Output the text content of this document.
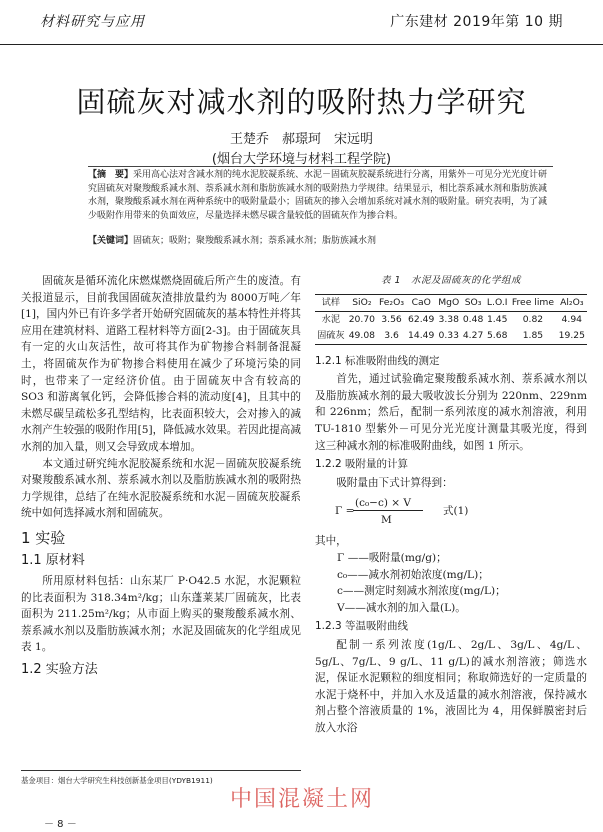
材料研究与应用	广东建材 2019年第 10 期
固硫灰对减水剂的吸附热力学研究
王楚乔　郝璟珂　宋远明
(烟台大学环境与材料工程学院)
【摘　要】采用高心法对含减水剂的纯水泥胶凝系统、水泥－固硫灰胶凝系统进行分离，用紫外－可见分光光度计研究固硫灰对聚羧酸系减水剂、萘系减水剂和脂肪族减水剂的吸附热力学规律。结果显示，相比萘系减水剂和脂肪族减水剂，聚羧酸系减水剂在两种系统中的吸附量最小；固硫灰的掺入会增加系统对减水剂的吸附量。研究表明，为了减少吸附作用带来的负面效应，尽量选择未燃尽碳含量较低的固硫灰作为掺合料。
【关键词】固硫灰；吸附；聚羧酸系减水剂；萘系减水剂；脂肪族减水剂

固硫灰是循环流化床燃煤燃烧固硫后所产生的废渣。有关报道显示，目前我国固硫灰渣排放量约为 8000万吨／年[1]，国内外已有许多学者开始研究固硫灰的基本特性并将其应用在建筑材料、道路工程材料等方面[2-3]。由于固硫灰具有一定的火山灰活性，故可将其作为矿物掺合料制备混凝土，将固硫灰作为矿物掺合料使用在减少了环境污染的同时，也带来了一定经济价值。由于固硫灰中含有较高的 SO3 和游离氧化钙，会降低掺合料的流动度[4]，且其中的未燃尽碳呈疏松多孔型结构，比表面积较大，会对掺入的减水剂产生较强的吸附作用[5]，降低减水效果。若因此提高减水剂的加入量，则又会导致成本增加。

本文通过研究纯水泥胶凝系统和水泥－固硫灰胶凝系统对聚羧酸系减水剂、萘系减水剂以及脂肪族减水剂的吸附热力学规律，总结了在纯水泥胶凝系统和水泥－固硫灰胶凝系统中如何选择减水剂和固硫灰。

1 实验
1.1 原材料

所用原材料包括：山东某厂 P·O42.5 水泥，水泥颗粒的比表面积为 318.34m²/kg；山东蓬莱某厂固硫灰，比表面积为 211.25m²/kg；从市面上购买的聚羧酸系减水剂、萘系减水剂以及脂肪族减水剂；水泥及固硫灰的化学组成见表 1。

1.2 实验方法
表 1　水泥及固硫灰的化学组成
试样	SiO₂	Fe₂O₃	CaO	MgO	SO₃	L.O.I	Free lime	Al₂O₃
水泥	20.70	3.56	62.49	3.38	0.48	1.45	0.82	4.94
固硫灰	49.08	3.6	14.49	0.33	4.27	5.68	1.85	19.25
1.2.1 标准吸附曲线的测定

首先，通过试验确定聚羧酸系减水剂、萘系减水剂以及脂肪族减水剂的最大吸收波长分别为 220nm、229nm 和 226nm；然后，配制一系列浓度的减水剂溶液，利用 TU-1810 型紫外－可见分光光度计测量其吸光度，得到这三种减水剂的标准吸附曲线，如图 1 所示。

1.2.2 吸附量的计算

吸附量由下式计算得到：

Γ =
(c₀−c) × V
M
式(1)

其中，

Γ ——吸附量(mg/g)；

c₀——减水剂初始浓度(mg/L)；

c——测定时刻减水剂浓度(mg/L)；

V——减水剂的加入量(L)。

1.2.3 等温吸附曲线

配制一系列浓度(1g/L、2g/L、3g/L、4g/L、5g/L、7g/L、9 g/L、11 g/L)的减水剂溶液；筛选水泥，保证水泥颗粒的细度相同；称取筛选好的一定质量的水泥于烧杯中，并加入水及适量的减水剂溶液，保持减水剂占整个溶液质量的 1%，液固比为 4，用保鲜膜密封后放入水浴

基金项目：烟台大学研究生科技创新基金项目(YDYB1911)
中国混凝土网
－ 8 －
